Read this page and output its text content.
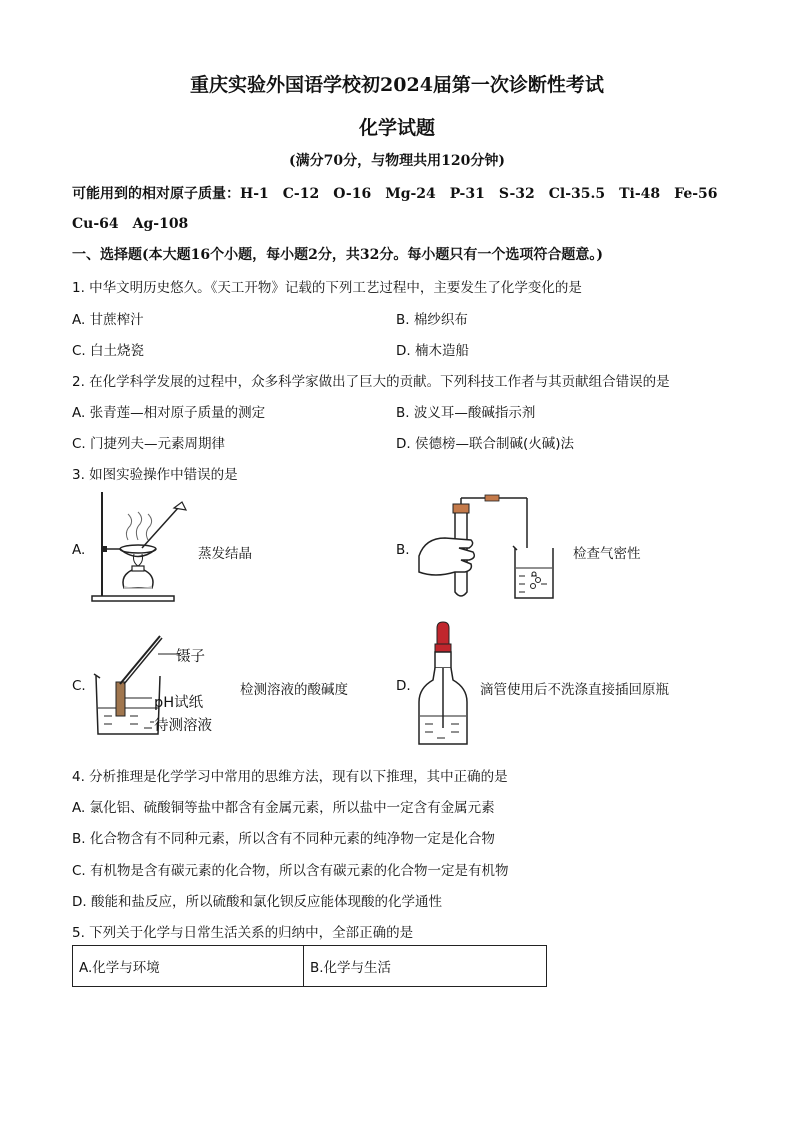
重庆实验外国语学校初2024届第一次诊断性考试
化学试题
(满分70分，与物理共用120分钟)
可能用到的相对原子质量：H-1　C-12　O-16　Mg-24　P-31　S-32　Cl-35.5　Ti-48　Fe-56
Cu-64　Ag-108
一、选择题(本大题16个小题，每小题2分，共32分。每小题只有一个选项符合题意。)
1. 中华文明历史悠久。《天工开物》记载的下列工艺过程中，主要发生了化学变化的是
A. 甘蔗榨汁	B. 棉纱织布
C. 白土烧瓷	D. 楠木造船
2. 在化学科学发展的过程中，众多科学家做出了巨大的贡献。下列科技工作者与其贡献组合错误的是
A. 张青莲—相对原子质量的测定	B. 波义耳—酸碱指示剂
C. 门捷列夫—元素周期律	D. 侯德榜—联合制碱(火碱)法
3. 如图实验操作中错误的是
A.	蒸发结晶	B.	检查气密性
C.
镊子
pH试纸
待测溶液
检测溶液的酸碱度	D.	滴管使用后不洗涤直接插回原瓶
4. 分析推理是化学学习中常用的思维方法，现有以下推理，其中正确的是
A. 氯化铝、硫酸铜等盐中都含有金属元素，所以盐中一定含有金属元素
B. 化合物含有不同种元素，所以含有不同种元素的纯净物一定是化合物
C. 有机物是含有碳元素的化合物，所以含有碳元素的化合物一定是有机物
D. 酸能和盐反应，所以硫酸和氯化钡反应能体现酸的化学通性
5. 下列关于化学与日常生活关系的归纳中，全部正确的是
A.化学与环境	B.化学与生活
